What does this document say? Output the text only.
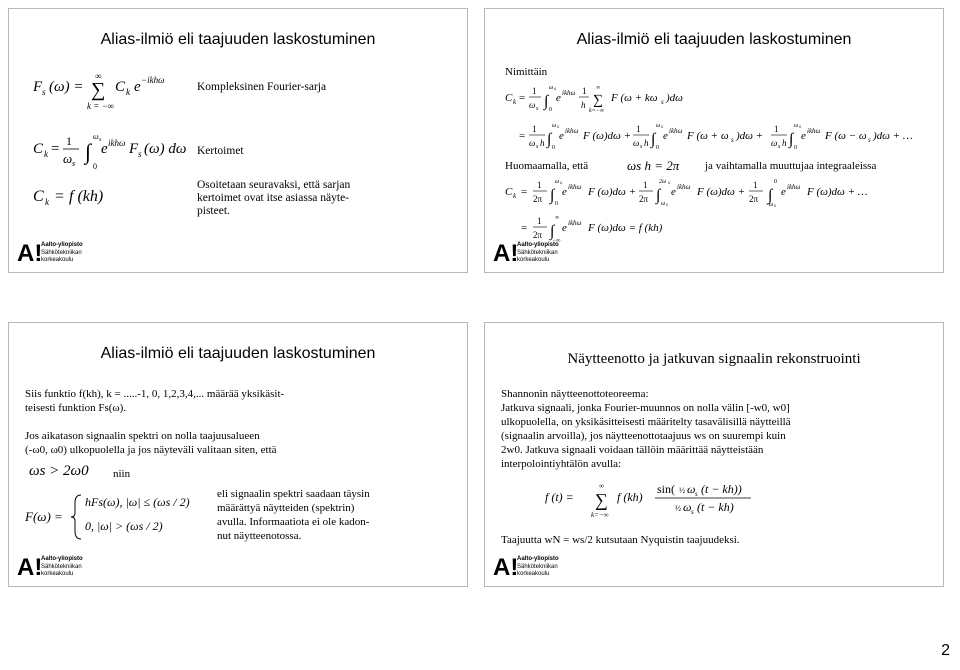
Alias-ilmiö eli taajuuden laskostuminen
F s (ω) =
∞
∑
k = −∞
C k e −ikhω
Kompleksinen Fourier-sarja
C k = 1
ω s ∫
ω s
0
e ikhω F s (ω) dω Kertoimet
C k = f (kh)
Osoitetaan seuravaksi, että sarjan
kertoimet ovat itse asiassa näyte-
pisteet.
A!
Aalto-yliopisto
Sähkötekniikan
korkeakoulu
Alias-ilmiö eli taajuuden laskostuminen
Nimittäin
C k =
1
ω s ∫
ω s
0
e ikhω 1
h ∑
∞
k=−∞
F (ω + kω s )dω
=
1
ω s h ∫
ω s
0
e ikhω F (ω)dω +
1
ω s h ∫
ω s
0
e ikhω F (ω + ω s )dω +
1
ω s h ∫
ω s
0
e ikhω F (ω − ω s )dω + …
Huomaamalla, että	ωs h = 2π ja vaihtamalla muuttujaa integraaleissa
C k =
1
2π ∫
ω s
0
e ikhω F (ω)dω +
1
2π ∫
2ω s
ω s
e ikhω F (ω)dω +
1
2π ∫
0
−ω s
e ikhω F (ω)dω + …
=
1
2π ∫
∞
−∞
e ikhω F (ω)dω = f (kh)
A!
Aalto-yliopisto
Sähkötekniikan
korkeakoulu
Alias-ilmiö eli taajuuden laskostuminen
Siis funktio f(kh), k = .....-1, 0, 1,2,3,4,... määrää yksikäsit-
teisesti funktion Fs(ω).
Jos aikatason signaalin spektri on nolla taajuusalueen
(-ω0, ω0) ulkopuolella ja jos näyteväli valitaan siten, että
ωs > 2ω0 niin
F(ω) =
hFs(ω), |ω| ≤ (ωs / 2)
0, |ω| > (ωs / 2)
eli signaalin spektri saadaan täysin
määrättyä näytteiden (spektrin)
avulla. Informaatiota ei ole kadon-
nut näytteenotossa.
A!
Aalto-yliopisto
Sähkötekniikan
korkeakoulu
Näytteenotto ja jatkuvan signaalin rekonstruointi
Shannonin näytteenottoteoreema:
Jatkuva signaali, jonka Fourier-muunnos on nolla välin [-w0, w0]
ulkopuolella, on yksikäsitteisesti määritelty tasavälisillä näytteillä
(signaalin arvoilla), jos näytteenottotaajuus ws on suurempi kuin
2w0. Jatkuva signaali voidaan tällöin määrittää näytteistään
interpolointiyhtälön avulla:
f (t) = ∑
∞
k=−∞
f (kh)
sin( ½ ω s (t − kh))
½ ω s (t − kh)
Taajuutta wN = ws/2 kutsutaan Nyquistin taajuudeksi.
A!
Aalto-yliopisto
Sähkötekniikan
korkeakoulu
2
